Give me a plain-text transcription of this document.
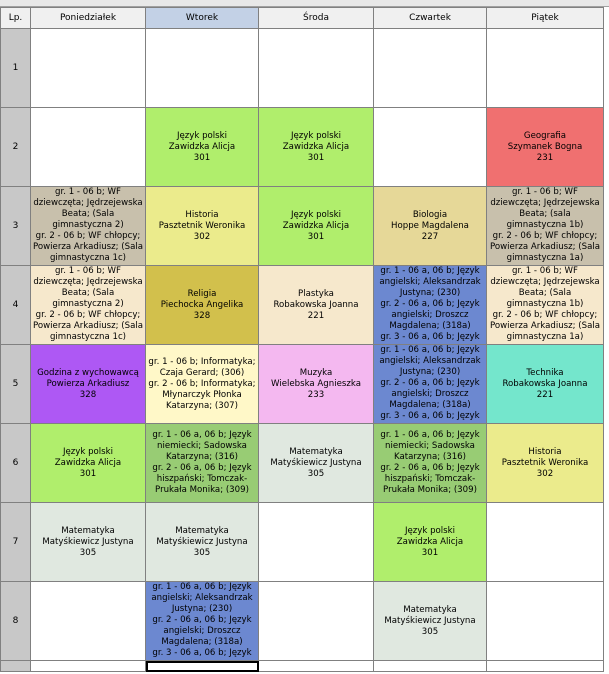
Lp.	Poniedziałek	Wtorek	Środa	Czwartek	Piątek
1	

2		Język polski
Zawidzka Alicja
301	Język polski
Zawidzka Alicja
301		Geografia
Szymanek Bogna
231

3	gr. 1 - 06 b; WF dziewczęta; Jędrzejewska Beata; (Sala gimnastyczna 2)
gr. 2 - 06 b; WF chłopcy; Powierza Arkadiusz; (Sala gimnastyczna 1c)	Historia
Pasztetnik Weronika
302	Język polski
Zawidzka Alicja
301	Biologia
Hoppe Magdalena
227	gr. 1 - 06 b; WF dziewczęta; Jędrzejewska Beata; (sala gimnastyczna 1b)
gr. 2 - 06 b; WF chłopcy; Powierza Arkadiusz; (Sala gimnastyczna 1a)

4	gr. 1 - 06 b; WF dziewczęta; Jędrzejewska Beata; (Sala gimnastyczna 2)
gr. 2 - 06 b; WF chłopcy; Powierza Arkadiusz; (Sala gimnastyczna 1c)	Religia
Piechocka Angelika
328	Plastyka
Robakowska Joanna
221	gr. 1 - 06 a, 06 b; Język angielski; Aleksandrzak Justyna; (230)
gr. 2 - 06 a, 06 b; Język angielski; Droszcz Magdalena; (318a)
gr. 3 - 06 a, 06 b; Język	gr. 1 - 06 b; WF dziewczęta; Jędrzejewska Beata; (Sala gimnastyczna 1b)
gr. 2 - 06 b; WF chłopcy; Powierza Arkadiusz; (Sala gimnastyczna 1a)

5	Godzina z wychowawcą
Powierza Arkadiusz
328	gr. 1 - 06 b; Informatyka; Czaja Gerard; (306)
gr. 2 - 06 b; Informatyka; Młynarczyk Płonka Katarzyna; (307)	Muzyka
Wielebska Agnieszka
233	gr. 1 - 06 a, 06 b; Język angielski; Aleksandrzak Justyna; (230)
gr. 2 - 06 a, 06 b; Język angielski; Droszcz Magdalena; (318a)
gr. 3 - 06 a, 06 b; Język	Technika
Robakowska Joanna
221

6	Język polski
Zawidzka Alicja
301	gr. 1 - 06 a, 06 b; Język niemiecki; Sadowska Katarzyna; (316)
gr. 2 - 06 a, 06 b; Język hiszpański; Tomczak-Prukała Monika; (309)	Matematyka
Matyśkiewicz Justyna
305	gr. 1 - 06 a, 06 b; Język niemiecki; Sadowska Katarzyna; (316)
gr. 2 - 06 a, 06 b; Język hiszpański; Tomczak-Prukała Monika; (309)	Historia
Pasztetnik Weronika
302

7	Matematyka
Matyśkiewicz Justyna
305	Matematyka
Matyśkiewicz Justyna
305		Język polski
Zawidzka Alicja
301	

8		gr. 1 - 06 a, 06 b; Język angielski; Aleksandrzak Justyna; (230)
gr. 2 - 06 a, 06 b; Język angielski; Droszcz Magdalena; (318a)
gr. 3 - 06 a, 06 b; Język		Matematyka
Matyśkiewicz Justyna
305	
